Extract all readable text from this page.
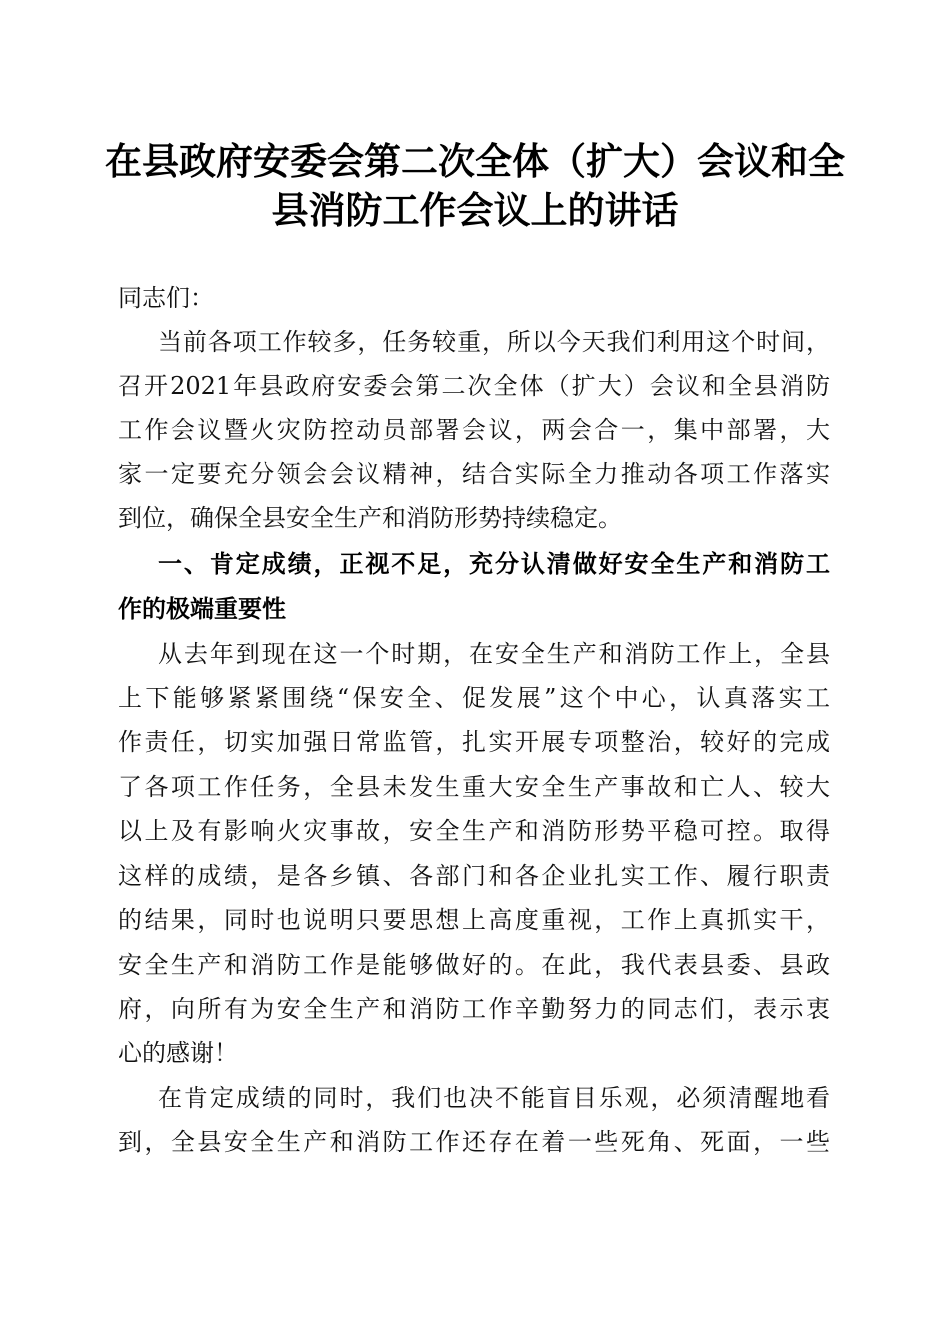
在县政府安委会第二次全体（扩大）会议和全
县消防工作会议上的讲话
同志们：
当前各项工作较多，任务较重，所以今天我们利用这个时间，
召开2021年县政府安委会第二次全体（扩大）会议和全县消防
工作会议暨火灾防控动员部署会议，两会合一，集中部署，大
家一定要充分领会会议精神，结合实际全力推动各项工作落实
到位，确保全县安全生产和消防形势持续稳定。
一、肯定成绩，正视不足，充分认清做好安全生产和消防工
作的极端重要性
从去年到现在这一个时期，在安全生产和消防工作上，全县
上下能够紧紧围绕“保安全、促发展”这个中心，认真落实工
作责任，切实加强日常监管，扎实开展专项整治，较好的完成
了各项工作任务，全县未发生重大安全生产事故和亡人、较大
以上及有影响火灾事故，安全生产和消防形势平稳可控。取得
这样的成绩，是各乡镇、各部门和各企业扎实工作、履行职责
的结果，同时也说明只要思想上高度重视，工作上真抓实干，
安全生产和消防工作是能够做好的。在此，我代表县委、县政
府，向所有为安全生产和消防工作辛勤努力的同志们，表示衷
心的感谢！
在肯定成绩的同时，我们也决不能盲目乐观，必须清醒地看
到，全县安全生产和消防工作还存在着一些死角、死面，一些
